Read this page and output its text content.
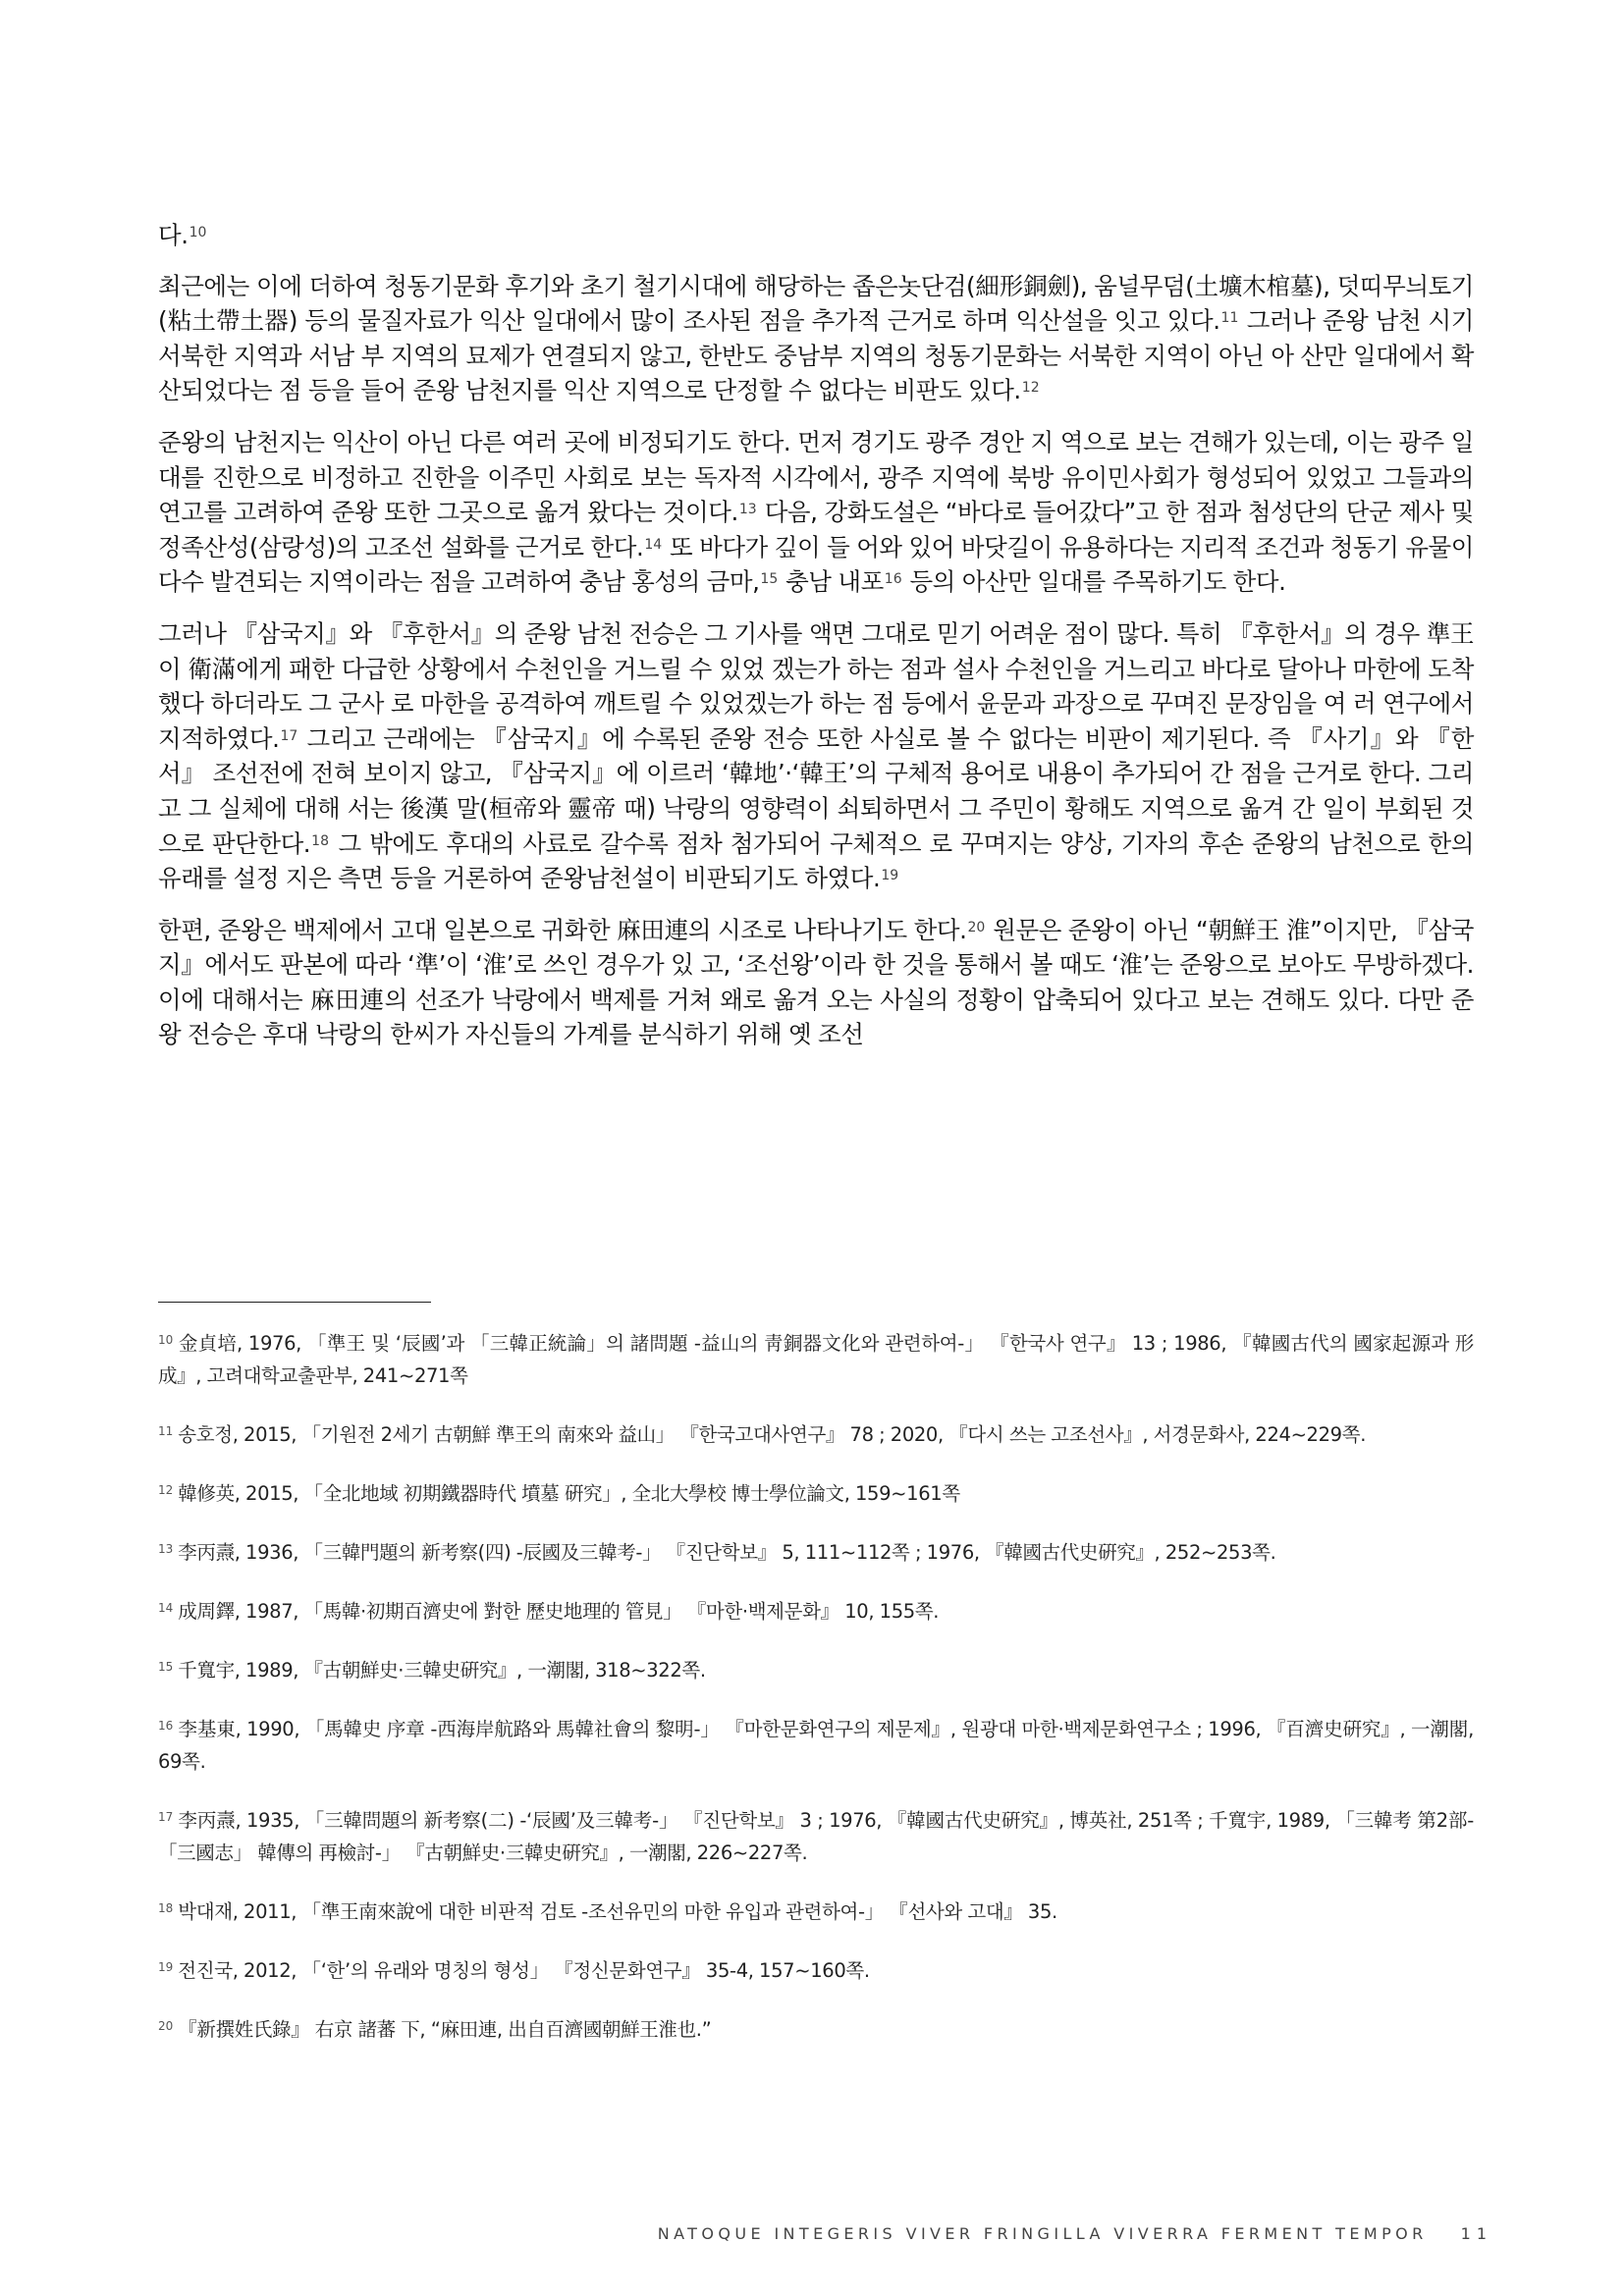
다.$^{10}$

최근에는 이에 더하여 청동기문화 후기와 초기 철기시대에 해당하는 좁은놋단검(細形銅劍), 움널무덤(土壙木棺墓), 덧띠무늬토기(粘土帶土器) 등의 물질자료가 익산 일대에서 많이 조사된 점을 추가적 근거로 하며 익산설을 잇고 있다.$^{11}$ 그러나 준왕 남천 시기 서북한 지역과 서남 부 지역의 묘제가 연결되지 않고, 한반도 중남부 지역의 청동기문화는 서북한 지역이 아닌 아 산만 일대에서 확산되었다는 점 등을 들어 준왕 남천지를 익산 지역으로 단정할 수 없다는 비판도 있다.$^{12}$

준왕의 남천지는 익산이 아닌 다른 여러 곳에 비정되기도 한다. 먼저 경기도 광주 경안 지 역으로 보는 견해가 있는데, 이는 광주 일대를 진한으로 비정하고 진한을 이주민 사회로 보는 독자적 시각에서, 광주 지역에 북방 유이민사회가 형성되어 있었고 그들과의 연고를 고려하여 준왕 또한 그곳으로 옮겨 왔다는 것이다.$^{13}$ 다음, 강화도설은 “바다로 들어갔다”고 한 점과 첨성단의 단군 제사 및 정족산성(삼랑성)의 고조선 설화를 근거로 한다.$^{14}$ 또 바다가 깊이 들 어와 있어 바닷길이 유용하다는 지리적 조건과 청동기 유물이 다수 발견되는 지역이라는 점을 고려하여 충남 홍성의 금마,$^{15}$ 충남 내포$^{16}$ 등의 아산만 일대를 주목하기도 한다.

그러나 『삼국지』와 『후한서』의 준왕 남천 전승은 그 기사를 액면 그대로 믿기 어려운 점이 많다. 특히 『후한서』의 경우 準王이 衛滿에게 패한 다급한 상황에서 수천인을 거느릴 수 있었 겠는가 하는 점과 설사 수천인을 거느리고 바다로 달아나 마한에 도착했다 하더라도 그 군사 로 마한을 공격하여 깨트릴 수 있었겠는가 하는 점 등에서 윤문과 과장으로 꾸며진 문장임을 여 러 연구에서 지적하였다.$^{17}$ 그리고 근래에는 『삼국지』에 수록된 준왕 전승 또한 사실로 볼 수 없다는 비판이 제기된다. 즉 『사기』와 『한서』 조선전에 전혀 보이지 않고, 『삼국지』에 이르러 ‘韓地’·‘韓王’의 구체적 용어로 내용이 추가되어 간 점을 근거로 한다. 그리고 그 실체에 대해 서는 後漢 말(桓帝와 靈帝 때) 낙랑의 영향력이 쇠퇴하면서 그 주민이 황해도 지역으로 옮겨 간 일이 부회된 것으로 판단한다.$^{18}$ 그 밖에도 후대의 사료로 갈수록 점차 첨가되어 구체적으 로 꾸며지는 양상, 기자의 후손 준왕의 남천으로 한의 유래를 설정 지은 측면 등을 거론하여 준왕남천설이 비판되기도 하였다.$^{19}$

한편, 준왕은 백제에서 고대 일본으로 귀화한 麻田連의 시조로 나타나기도 한다.$^{20}$ 원문은 준왕이 아닌 “朝鮮王 淮”이지만, 『삼국지』에서도 판본에 따라 ‘準’이 ‘淮’로 쓰인 경우가 있 고, ‘조선왕’이라 한 것을 통해서 볼 때도 ‘淮’는 준왕으로 보아도 무방하겠다. 이에 대해서는 麻田連의 선조가 낙랑에서 백제를 거쳐 왜로 옮겨 오는 사실의 정황이 압축되어 있다고 보는 견해도 있다. 다만 준왕 전승은 후대 낙랑의 한씨가 자신들의 가계를 분식하기 위해 옛 조선

$^{10}$ 金貞培, 1976, 「準王 및 ‘辰國’과 「三韓正統論」의 諸問題 -益山의 靑銅器文化와 관련하여-」 『한국사 연구』 13 ; 1986, 『韓國古代의 國家起源과 形成』, 고려대학교출판부, 241~271쪽
$^{11}$ 송호정, 2015, 「기원전 2세기 古朝鮮 準王의 南來와 益山」 『한국고대사연구』 78 ; 2020, 『다시 쓰는 고조선사』, 서경문화사, 224~229쪽.
$^{12}$ 韓修英, 2015, 「全北地域 初期鐵器時代 墳墓 硏究」, 全北大學校 博士學位論文, 159~161쪽
$^{13}$ 李丙燾, 1936, 「三韓門題의 新考察(四) -辰國及三韓考-」 『진단학보』 5, 111~112쪽 ; 1976, 『韓國古代史硏究』, 252~253쪽.
$^{14}$ 成周鐸, 1987, 「馬韓·初期百濟史에 對한 歷史地理的 管見」 『마한·백제문화』 10, 155쪽.
$^{15}$ 千寬宇, 1989, 『古朝鮮史·三韓史硏究』, 一潮閣, 318~322쪽.
$^{16}$ 李基東, 1990, 「馬韓史 序章 -西海岸航路와 馬韓社會의 黎明-」 『마한문화연구의 제문제』, 원광대 마한·백제문화연구소 ; 1996, 『百濟史硏究』, 一潮閣, 69쪽.
$^{17}$ 李丙燾, 1935, 「三韓問題의 新考察(二) -‘辰國’及三韓考-」 『진단학보』 3 ; 1976, 『韓國古代史硏究』, 博英社, 251쪽 ; 千寬宇, 1989, 「三韓考 第2部-「三國志」 韓傳의 再檢討-」 『古朝鮮史·三韓史硏究』, 一潮閣, 226~227쪽.
$^{18}$ 박대재, 2011, 「準王南來說에 대한 비판적 검토 -조선유민의 마한 유입과 관련하여-」 『선사와 고대』 35.
$^{19}$ 전진국, 2012, 「‘한’의 유래와 명칭의 형성」 『정신문화연구』 35-4, 157~160쪽.
$^{20}$ 『新撰姓氏錄』 右京 諸蕃 下, “麻田連, 出自百濟國朝鮮王淮也.”
NATOQUE INTEGERIS VIVER FRINGILLA VIVERRA FERMENT TEMPOR 11
